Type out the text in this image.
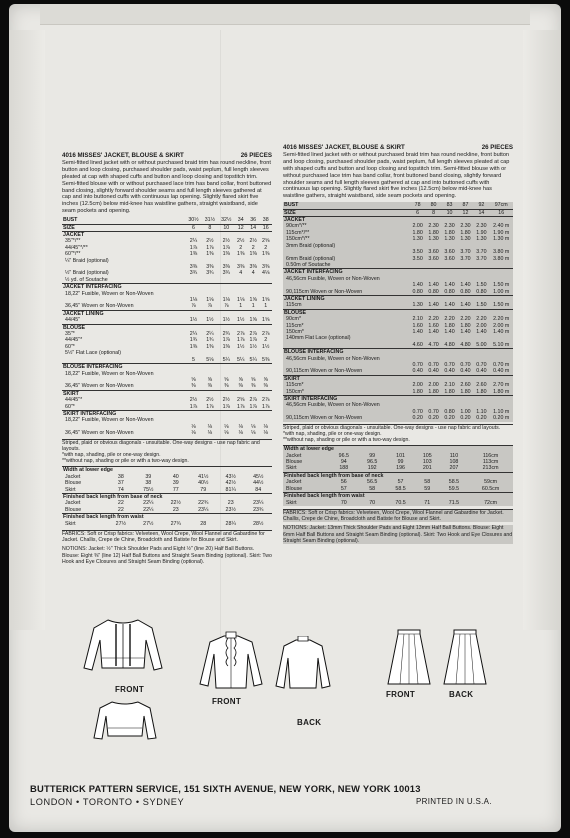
4016 MISSES' JACKET, BLOUSE & SKIRT	26 PIECES

Semi-fitted lined jacket with or without purchased braid trim has round neckline, front button and loop closing, purchased shoulder pads, waist peplum, full length sleeves pleated at cap with shaped cuffs and button and loop closing and topstitch trim. Semi-fitted blouse with or without purchased lace trim has band collar, front buttoned band closing, slightly forward shoulder seams and full length sleeves gathered at cap and into buttoned cuffs with continuous lap opening. Slightly flared skirt five inches (12.5cm) below mid-knee has waistline gathers, straight waistband, side seam pockets and opening.

BUST	30½	31½	32½	34	36	38
SIZE	6	8	10	12	14	16
JACKET						
35"*/**	2¼	2½	2½	2½	2½	2⅝
44/45"*/**	1⅞	1⅞	1⅞	2	2	2
60"*/**	1⅜	1⅜	1⅜	1⅜	1⅜	1⅜
¼" Braid (optional)						
	3⅜	3⅜	3⅜	3⅜	3⅜	3⅜
½" Braid (optional)	3¾	3¾	3¾	4	4	4⅛
½ yd. of Soutache						
JACKET INTERFACING						
18,22" Fusible, Woven or Non-Woven						
	1⅛	1⅛	1⅛	1⅛	1⅝	1⅝
36,45" Woven or Non-Woven	⅞	⅞	⅞	1	1	1
JACKET LINING						
44/45"	1½	1½	1½	1½	1⅝	1⅝
BLOUSE						
35"*	2¼	2¼	2¾	2⅞	2⅞	2⅞
44/45"*	1¾	1¾	1⅞	1⅞	1⅞	2
60"*	1⅜	1⅜	1⅜	1½	1½	1½
5½" Flat Lace (optional)						
	5	5⅛	5¼	5¼	5¼	5⅜
BLOUSE INTERFACING						
18,22" Fusible, Woven or Non-Woven						
	⅝	⅝	⅝	⅝	⅝	⅝
36,45" Woven or Non-Woven	⅜	⅜	⅜	⅜	⅜	⅜
SKIRT						
44/45"*	2½	2½	2½	2⅝	2⅞	2⅞
60"*	1⅞	1⅞	1⅞	1⅞	1⅞	1⅞
SKIRT INTERFACING						
18,22" Fusible, Woven or Non-Woven						
	⅛	⅛	⅛	⅛	⅛	⅛
36,45" Woven or Non-Woven	⅛	⅛	⅛	⅛	⅛	⅛
Striped, plaid or obvious diagonals - unsuitable. One-way designs - use nap fabric and layouts.
*with nap, shading, pile or one-way design.
**without nap, shading or pile or with a two-way design.
Width at lower edge						
Jacket	38	39	40	41½	43½	45½
Blouse	37	38	39	40½	42½	44½
Skirt	74	75½	77	79	81¼	84
Finished back length from base of neck						
Jacket	22	22¼	22½	22¾	23	23¼
Blouse	22	22¼	23	23¼	23½	23¾
Finished back length from waist						
Skirt	27½	27½	27¾	28	28¼	28½
FABRICS: Soft or Crisp fabrics: Velveteen, Wool Crepe, Wool Flannel and Gabardine for Jacket. Challis, Crepe de Chine, Broadcloth and Batiste for Blouse and Skirt.
NOTIONS: Jacket: ½" Thick Shoulder Pads and Eight ½" (line 20) Half Ball Buttons. Blouse: Eight ⅜" (line 12) Half Ball Buttons and Straight Seam Binding (optional). Skirt: Two Hook and Eye Closures and Straight Seam Binding (optional).
4016 MISSES' JACKET, BLOUSE & SKIRT	26 PIECES

Semi-fitted lined jacket with or without purchased braid trim has round neckline, front button and loop closing, purchased shoulder pads, waist peplum, full length sleeves pleated at cap with shaped cuffs and button and loop closing and topstitch trim. Semi-fitted blouse with or without purchased lace trim has band collar, front buttoned band closing, slightly forward shoulder seams and full length sleeves gathered at cap and into buttoned cuffs with continuous lap opening. Slightly flared skirt five inches (12.5cm) below mid-knee has waistline gathers, straight waistband, side seam pockets and opening.

BUST	78	80	83	87	92	97cm
SIZE	6	8	10	12	14	16
JACKET						
90cm*/**	2.00	2.30	2.30	2.30	2.30	2.40 m
115cm*/**	1.80	1.80	1.80	1.80	1.90	1.90 m
150cm*/**	1.30	1.30	1.30	1.30	1.30	1.30 m
3mm Braid (optional)						
	3.50	3.60	3.60	3.70	3.70	3.80 m
6mm Braid (optional)	3.50	3.60	3.60	3.70	3.70	3.80 m
0.50m of Soutache						
JACKET INTERFACING						
46,56cm Fusible, Woven or Non-Woven						
	1.40	1.40	1.40	1.40	1.50	1.50 m
90,115cm Woven or Non-Woven	0.80	0.80	0.80	0.80	0.80	1.00 m
JACKET LINING						
115cm	1.30	1.40	1.40	1.40	1.50	1.50 m
BLOUSE						
90cm*	2.10	2.20	2.20	2.20	2.20	2.20 m
115cm*	1.60	1.60	1.80	1.80	2.00	2.00 m
150cm*	1.40	1.40	1.40	1.40	1.40	1.40 m
140mm Flat Lace (optional)						
	4.60	4.70	4.80	4.80	5.00	5.10 m
BLOUSE INTERFACING						
46,56cm Fusible, Woven or Non-Woven						
	0.70	0.70	0.70	0.70	0.70	0.70 m
90,115cm Woven or Non-Woven	0.40	0.40	0.40	0.40	0.40	0.40 m
SKIRT						
115cm*	2.00	2.00	2.10	2.60	2.60	2.70 m
150cm*	1.80	1.80	1.80	1.80	1.80	1.80 m
SKIRT INTERFACING						
46,56cm Fusible, Woven or Non-Woven						
	0.70	0.70	0.80	1.00	1.10	1.10 m
90,115cm Woven or Non-Woven	0.20	0.20	0.20	0.20	0.20	0.20 m
Striped, plaid or obvious diagonals - unsuitable. One-way designs - use nap fabric and layouts.
*with nap, shading, pile or one-way design.
**without nap, shading or pile or with a two-way design.
Width at lower edge						
Jacket	96.5	99	101	105	110	116cm
Blouse	94	96.5	99	103	108	113cm
Skirt	188	192	196	201	207	213cm
Finished back length from base of neck						
Jacket	56	56.5	57	58	58.5	59cm
Blouse	57	58	58.5	59	59.5	60.5cm
Finished back length from waist						
Skirt	70	70	70.5	71	71.5	72cm
FABRICS: Soft or Crisp fabrics: Velveteen, Wool Crepe, Wool Flannel and Gabardine for Jacket. Challis, Crepe de Chine, Broadcloth and Batiste for Blouse and Skirt.
NOTIONS: Jacket: 13mm Thick Shoulder Pads and Eight 13mm Half Ball Buttons. Blouse: Eight 6mm Half Ball Buttons and Straight Seam Binding (optional). Skirt: Two Hook and Eye Closures and Straight Seam Binding (optional).
FRONT
FRONT
BACK
FRONT	BACK
BUTTERICK PATTERN SERVICE, 151 SIXTH AVENUE, NEW YORK, NEW YORK 10013
LONDON • TORONTO • SYDNEY	PRINTED IN U.S.A.
